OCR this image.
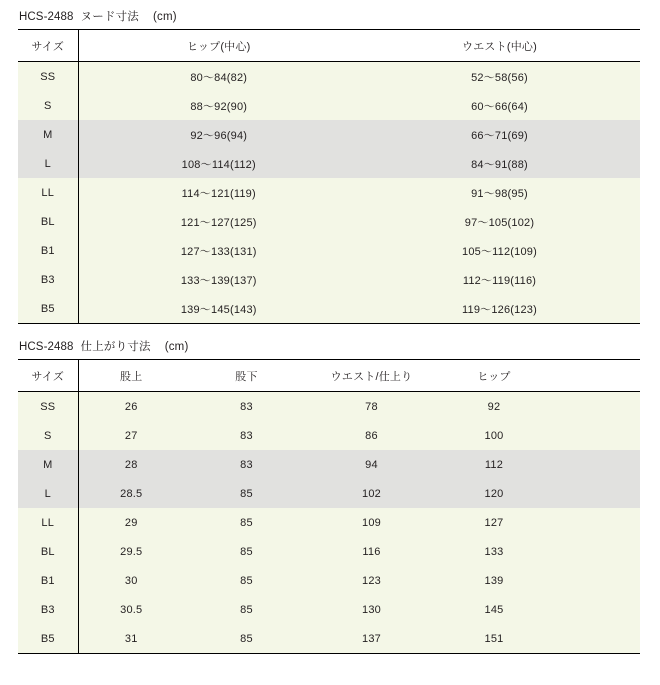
HCS-2488 ヌード寸法 (cm)
サイズ	ヒップ(中心)	ウエスト(中心)
SS	80〜84(82)	52〜58(56)
S	88〜92(90)	60〜66(64)
M	92〜96(94)	66〜71(69)
L	108〜114(112)	84〜91(88)
LL	114〜121(119)	91〜98(95)
BL	121〜127(125)	97〜105(102)
B1	127〜133(131)	105〜112(109)
B3	133〜139(137)	112〜119(116)
B5	139〜145(143)	119〜126(123)
HCS-2488 仕上がり寸法 (cm)
サイズ	股上	股下	ウエスト/仕上り	ヒップ	
SS	26	83	78	92	
S	27	83	86	100	
M	28	83	94	112	
L	28.5	85	102	120	
LL	29	85	109	127	
BL	29.5	85	116	133	
B1	30	85	123	139	
B3	30.5	85	130	145	
B5	31	85	137	151	
